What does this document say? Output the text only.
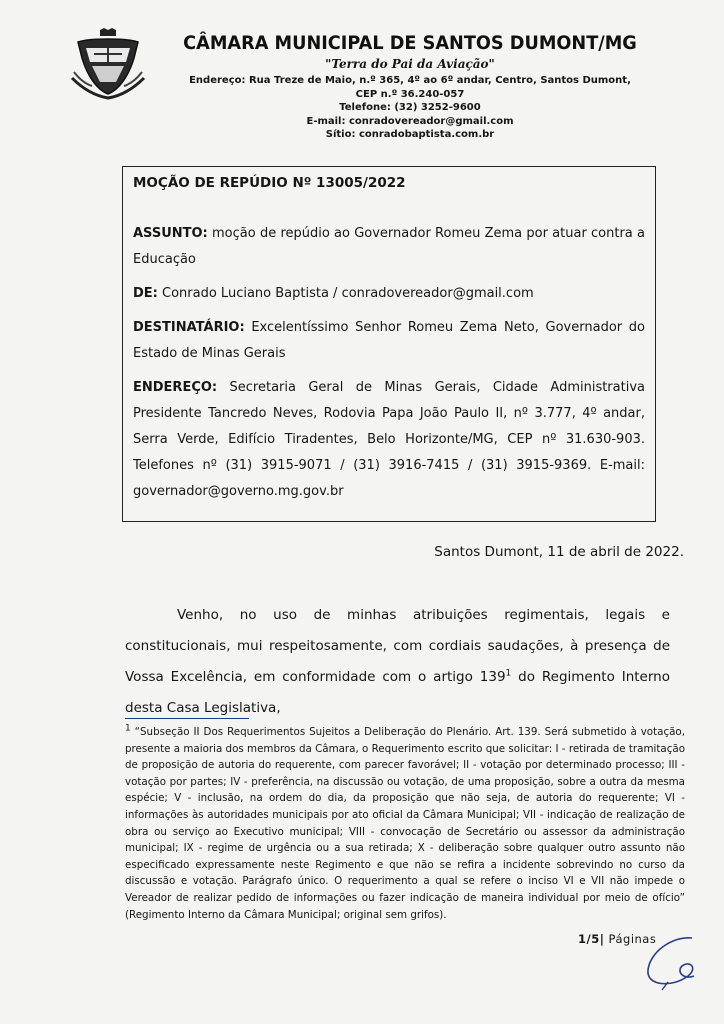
CÂMARA MUNICIPAL DE SANTOS DUMONT/MG

"Terra do Pai da Aviação"

Endereço: Rua Treze de Maio, n.º 365, 4º ao 6º andar, Centro, Santos Dumont,

CEP n.º 36.240-057

Telefone: (32) 3252-9600

E-mail: conradovereador@gmail.com

Sítio: conradobaptista.com.br

MOÇÃO DE REPÚDIO Nº 13005/2022

ASSUNTO: moção de repúdio ao Governador Romeu Zema por atuar contra a Educação

DE: Conrado Luciano Baptista / conradovereador@gmail.com

DESTINATÁRIO: Excelentíssimo Senhor Romeu Zema Neto, Governador do Estado de Minas Gerais

ENDEREÇO: Secretaria Geral de Minas Gerais, Cidade Administrativa Presidente Tancredo Neves, Rodovia Papa João Paulo II, nº 3.777, 4º andar, Serra Verde, Edifício Tiradentes, Belo Horizonte/MG, CEP nº 31.630-903. Telefones nº (31) 3915-9071 / (31) 3916-7415 / (31) 3915-9369. E-mail: governador@governo.mg.gov.br

Santos Dumont, 11 de abril de 2022.

Venho, no uso de minhas atribuições regimentais, legais e constitucionais, mui respeitosamente, com cordiais saudações, à presença de Vossa Excelência, em conformidade com o artigo $139^1$ do Regimento Interno desta Casa Legislativa,

$^1$ “Subseção II Dos Requerimentos Sujeitos a Deliberação do Plenário. Art. 139. Será submetido à votação, presente a maioria dos membros da Câmara, o Requerimento escrito que solicitar: I - retirada de tramitação de proposição de autoria do requerente, com parecer favorável; II - votação por determinado processo; III - votação por partes; IV - preferência, na discussão ou votação, de uma proposição, sobre a outra da mesma espécie; V - inclusão, na ordem do dia, da proposição que não seja, de autoria do requerente; VI - informações às autoridades municipais por ato oficial da Câmara Municipal; VII - indicação de realização de obra ou serviço ao Executivo municipal; VIII - convocação de Secretário ou assessor da administração municipal; IX - regime de urgência ou a sua retirada; X - deliberação sobre qualquer outro assunto não especificado expressamente neste Regimento e que não se refira a incidente sobrevindo no curso da discussão e votação. Parágrafo único. O requerimento a qual se refere o inciso VI e VII não impede o Vereador de realizar pedido de informações ou fazer indicação de maneira individual por meio de ofício” (Regimento Interno da Câmara Municipal; original sem grifos).

1/5| Páginas
